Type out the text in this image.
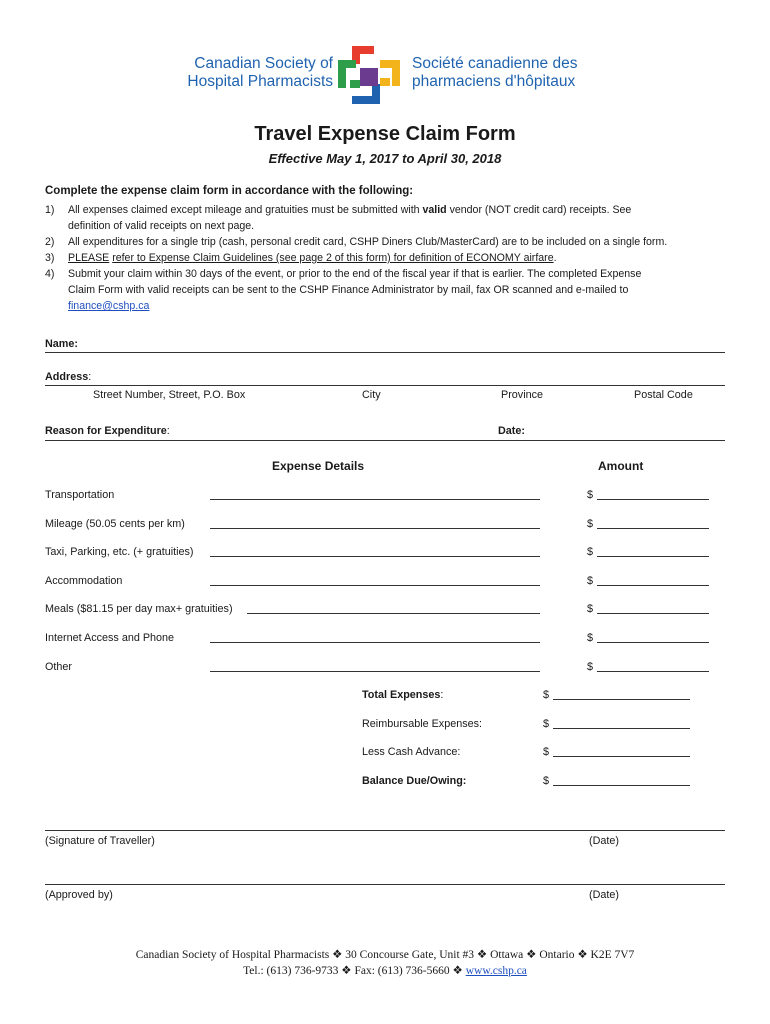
Canadian Society of
Hospital Pharmacists
Société canadienne des
pharmaciens d'hôpitaux
Travel Expense Claim Form
Effective May 1, 2017 to April 30, 2018
Complete the expense claim form in accordance with the following:
1) All expenses claimed except mileage and gratuities must be submitted with valid vendor (NOT credit card) receipts. See
definition of valid receipts on next page.
2) All expenditures for a single trip (cash, personal credit card, CSHP Diners Club/MasterCard) are to be included on a single form.
3) PLEASE refer to Expense Claim Guidelines (see page 2 of this form) for definition of ECONOMY airfare.
4) Submit your claim within 30 days of the event, or prior to the end of the fiscal year if that is earlier. The completed Expense
Claim Form with valid receipts can be sent to the CSHP Finance Administrator by mail, fax OR scanned and e-mailed to
finance@cshp.ca
Name:
Address:
Street Number, Street, P.O. Box	City	Province	Postal Code
Reason for Expenditure:	Date:
Expense Details	Amount
Transportation	$
Mileage (50.05 cents per km)	$
Taxi, Parking, etc. (+ gratuities)	$
Accommodation	$
Meals ($81.15 per day max+ gratuities)	$
Internet Access and Phone	$
Other	$
Total Expenses:	$
Reimbursable Expenses:	$
Less Cash Advance:	$
Balance Due/Owing:	$
(Signature of Traveller)	(Date)
(Approved by)	(Date)
Canadian Society of Hospital Pharmacists ❖ 30 Concourse Gate, Unit #3 ❖ Ottawa ❖ Ontario ❖ K2E 7V7
Tel.: (613) 736-9733 ❖ Fax: (613) 736-5660 ❖ www.cshp.ca
